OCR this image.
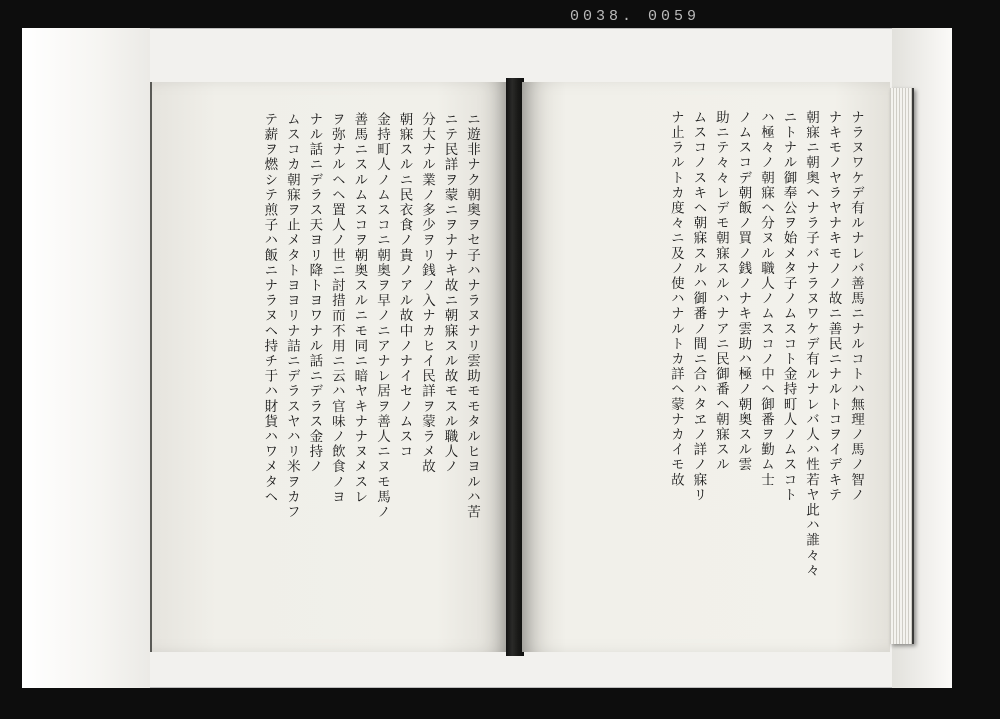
0038. 0059
ニ遊非ナク朝奥ヲセ子ハナラヌナリ雲助モモタルヒヨルハ苦
ニテ民詳ヲ蒙ニヲナナキ故ニ朝寐スル故モスル職人ノ
分大ナル業ノ多少ヲリ銭ノ入ナカヒイ民詳ヲ蒙ラメ故
朝寐スルニ民衣食ノ貴ノアル故中ノナイセノムスコ
金持町人ノムスコニ朝奥ヲ早ノニアナレ居ヲ善人ニヌモ馬ノ
善馬ニスルムスコヲ朝奥スルニモ同ニ暗ヤキナナヌメスレ
ヲ弥ナルヘヘ置人ノ世ニ討措而不用ニ云ハ官味ノ飲食ノヨ
ナル話ニデラス天ヨリ降トヨワナル話ニデラス金持ノ
ムスコカ朝寐ヲ止メタトヨヨリナ詰ニデラスヤハリ米ヲカフ
テ薪ヲ燃シテ煎子ハ飯ニナラヌヘ持チ于ハ財貨ハワメタヘ	ナラヌワケデ有ルナレバ善馬ニナルコトハ無理ノ馬ノ智ノ
ナキモノヤラヤナキモノノ故ニ善民ニナルトコヲイデキテ
朝寐ニ朝奥ヘナラ子バナラヌワケデ有ルナレバ人ハ性若ヤ此ハ誰々々
ニトナル御奉公ヲ始メタ子ノムスコト金持町人ノムスコト
ハ極々ノ朝寐ヘ分ヌル職人ノムスコノ中ヘ御番ヲ勤ム士
ノムスコデ朝飯ノ買ノ銭ノナキ雲助ハ極ノ朝奥スル雲
助ニテ々々レデモ朝寐スルハナアニ民御番ヘ朝寐スル
ムスコノスキヘ朝寐スルハ御番ノ間ニ合ハタヱノ詳ノ寐リ
ナ止ラルトカ度々ニ及ノ使ハナルトカ詳ヘ蒙ナカイモ故
